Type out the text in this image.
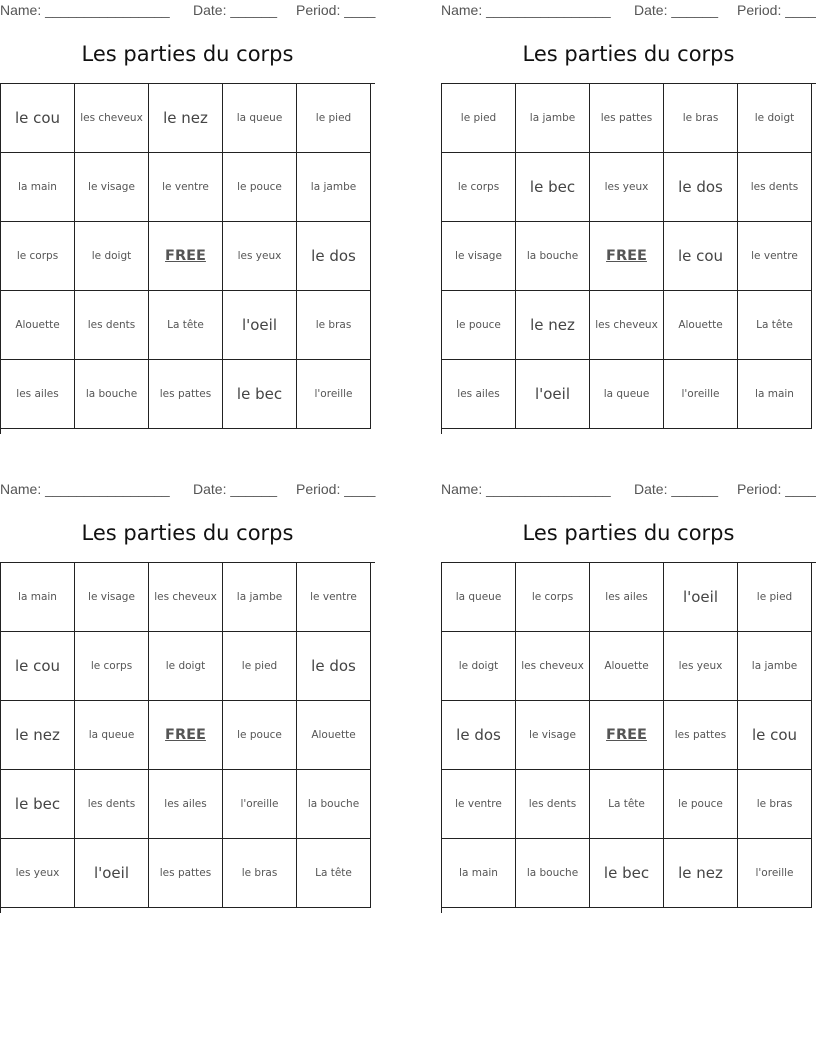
Name: ________________ Date: ______ Period: ____
Les parties du corps
le cou	les cheveux	le nez	la queue	le pied
la main	le visage	le ventre	le pouce	la jambe
le corps	le doigt	FREE	les yeux	le dos
Alouette	les dents	La tête	l'oeil	le bras
les ailes	la bouche	les pattes	le bec	l'oreille
Name: ________________ Date: ______ Period: ____
Les parties du corps
le pied	la jambe	les pattes	le bras	le doigt
le corps	le bec	les yeux	le dos	les dents
le visage	la bouche	FREE	le cou	le ventre
le pouce	le nez	les cheveux	Alouette	La tête
les ailes	l'oeil	la queue	l'oreille	la main
Name: ________________ Date: ______ Period: ____
Les parties du corps
la main	le visage	les cheveux	la jambe	le ventre
le cou	le corps	le doigt	le pied	le dos
le nez	la queue	FREE	le pouce	Alouette
le bec	les dents	les ailes	l'oreille	la bouche
les yeux	l'oeil	les pattes	le bras	La tête
Name: ________________ Date: ______ Period: ____
Les parties du corps
la queue	le corps	les ailes	l'oeil	le pied
le doigt	les cheveux	Alouette	les yeux	la jambe
le dos	le visage	FREE	les pattes	le cou
le ventre	les dents	La tête	le pouce	le bras
la main	la bouche	le bec	le nez	l'oreille
